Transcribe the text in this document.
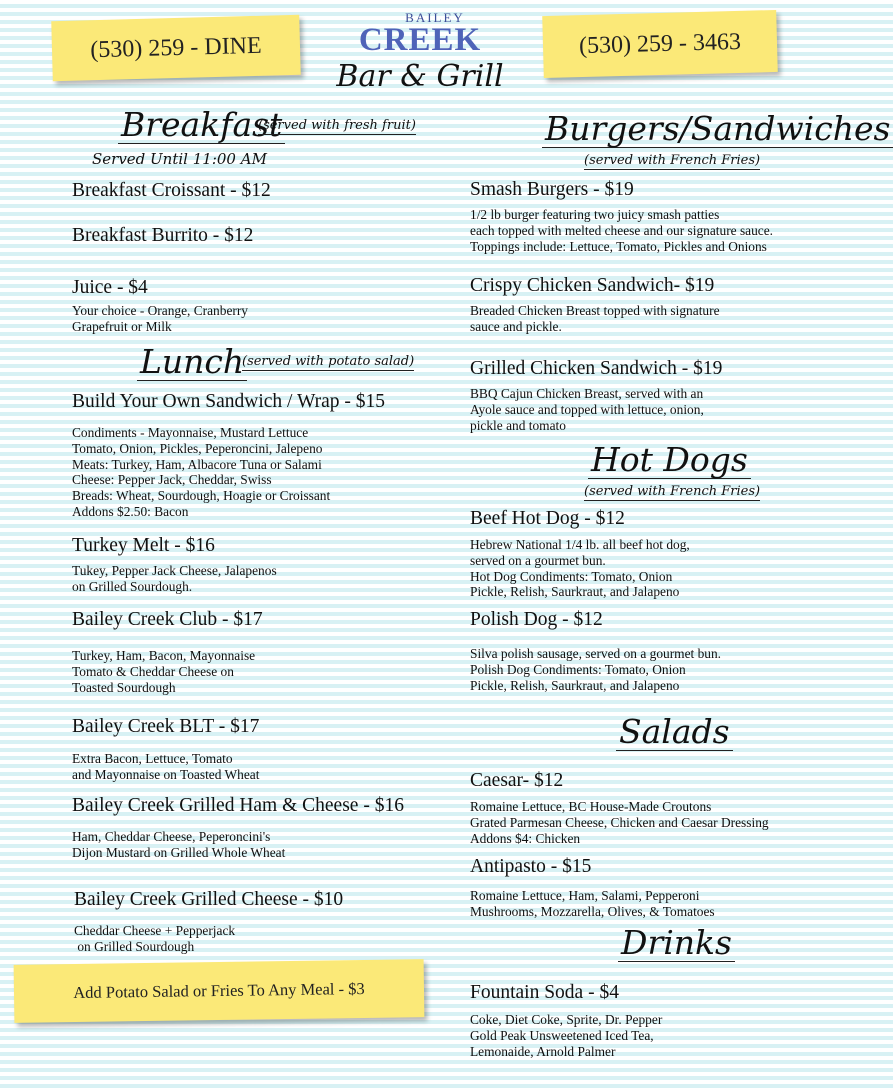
(530) 259 - DINE	(530) 259 - 3463
BAILEY
CREEK
Bar & Grill
Breakfast
(served with fresh fruit)
Served Until 11:00 AM
Breakfast Croissant - $12
Breakfast Burrito - $12
Juice - $4
Your choice - Orange, Cranberry
Grapefruit or Milk
Lunch
(served with potato salad)
Build Your Own Sandwich / Wrap - $15
Condiments - Mayonnaise, Mustard Lettuce
Tomato, Onion, Pickles, Peperoncini, Jalepeno
Meats: Turkey, Ham, Albacore Tuna or Salami
Cheese: Pepper Jack, Cheddar, Swiss
Breads: Wheat, Sourdough, Hoagie or Croissant
Addons $2.50: Bacon
Turkey Melt - $16
Tukey, Pepper Jack Cheese, Jalapenos
on Grilled Sourdough.
Bailey Creek Club - $17
Turkey, Ham, Bacon, Mayonnaise
Tomato & Cheddar Cheese on
Toasted Sourdough
Bailey Creek BLT - $17
Extra Bacon, Lettuce, Tomato
and Mayonnaise on Toasted Wheat
Bailey Creek Grilled Ham & Cheese - $16
Ham, Cheddar Cheese, Peperoncini's
Dijon Mustard on Grilled Whole Wheat
Bailey Creek Grilled Cheese - $10
Cheddar Cheese + Pepperjack
on Grilled Sourdough
Add Potato Salad or Fries To Any Meal - $3
Burgers/Sandwiches
(served with French Fries)
Smash Burgers - $19
1/2 lb burger featuring two juicy smash patties
each topped with melted cheese and our signature sauce.
Toppings include: Lettuce, Tomato, Pickles and Onions
Crispy Chicken Sandwich- $19
Breaded Chicken Breast topped with signature
sauce and pickle.
Grilled Chicken Sandwich - $19
BBQ Cajun Chicken Breast, served with an
Ayole sauce and topped with lettuce, onion,
pickle and tomato
Hot Dogs
(served with French Fries)
Beef Hot Dog - $12
Hebrew National 1/4 lb. all beef hot dog,
served on a gourmet bun.
Hot Dog Condiments: Tomato, Onion
Pickle, Relish, Saurkraut, and Jalapeno
Polish Dog - $12
Silva polish sausage, served on a gourmet bun.
Polish Dog Condiments: Tomato, Onion
Pickle, Relish, Saurkraut, and Jalapeno
Salads
Caesar- $12
Romaine Lettuce, BC House-Made Croutons
Grated Parmesan Cheese, Chicken and Caesar Dressing
Addons $4: Chicken
Antipasto - $15
Romaine Lettuce, Ham, Salami, Pepperoni
Mushrooms, Mozzarella, Olives, & Tomatoes
Drinks
Fountain Soda - $4
Coke, Diet Coke, Sprite, Dr. Pepper
Gold Peak Unsweetened Iced Tea,
Lemonaide, Arnold Palmer
